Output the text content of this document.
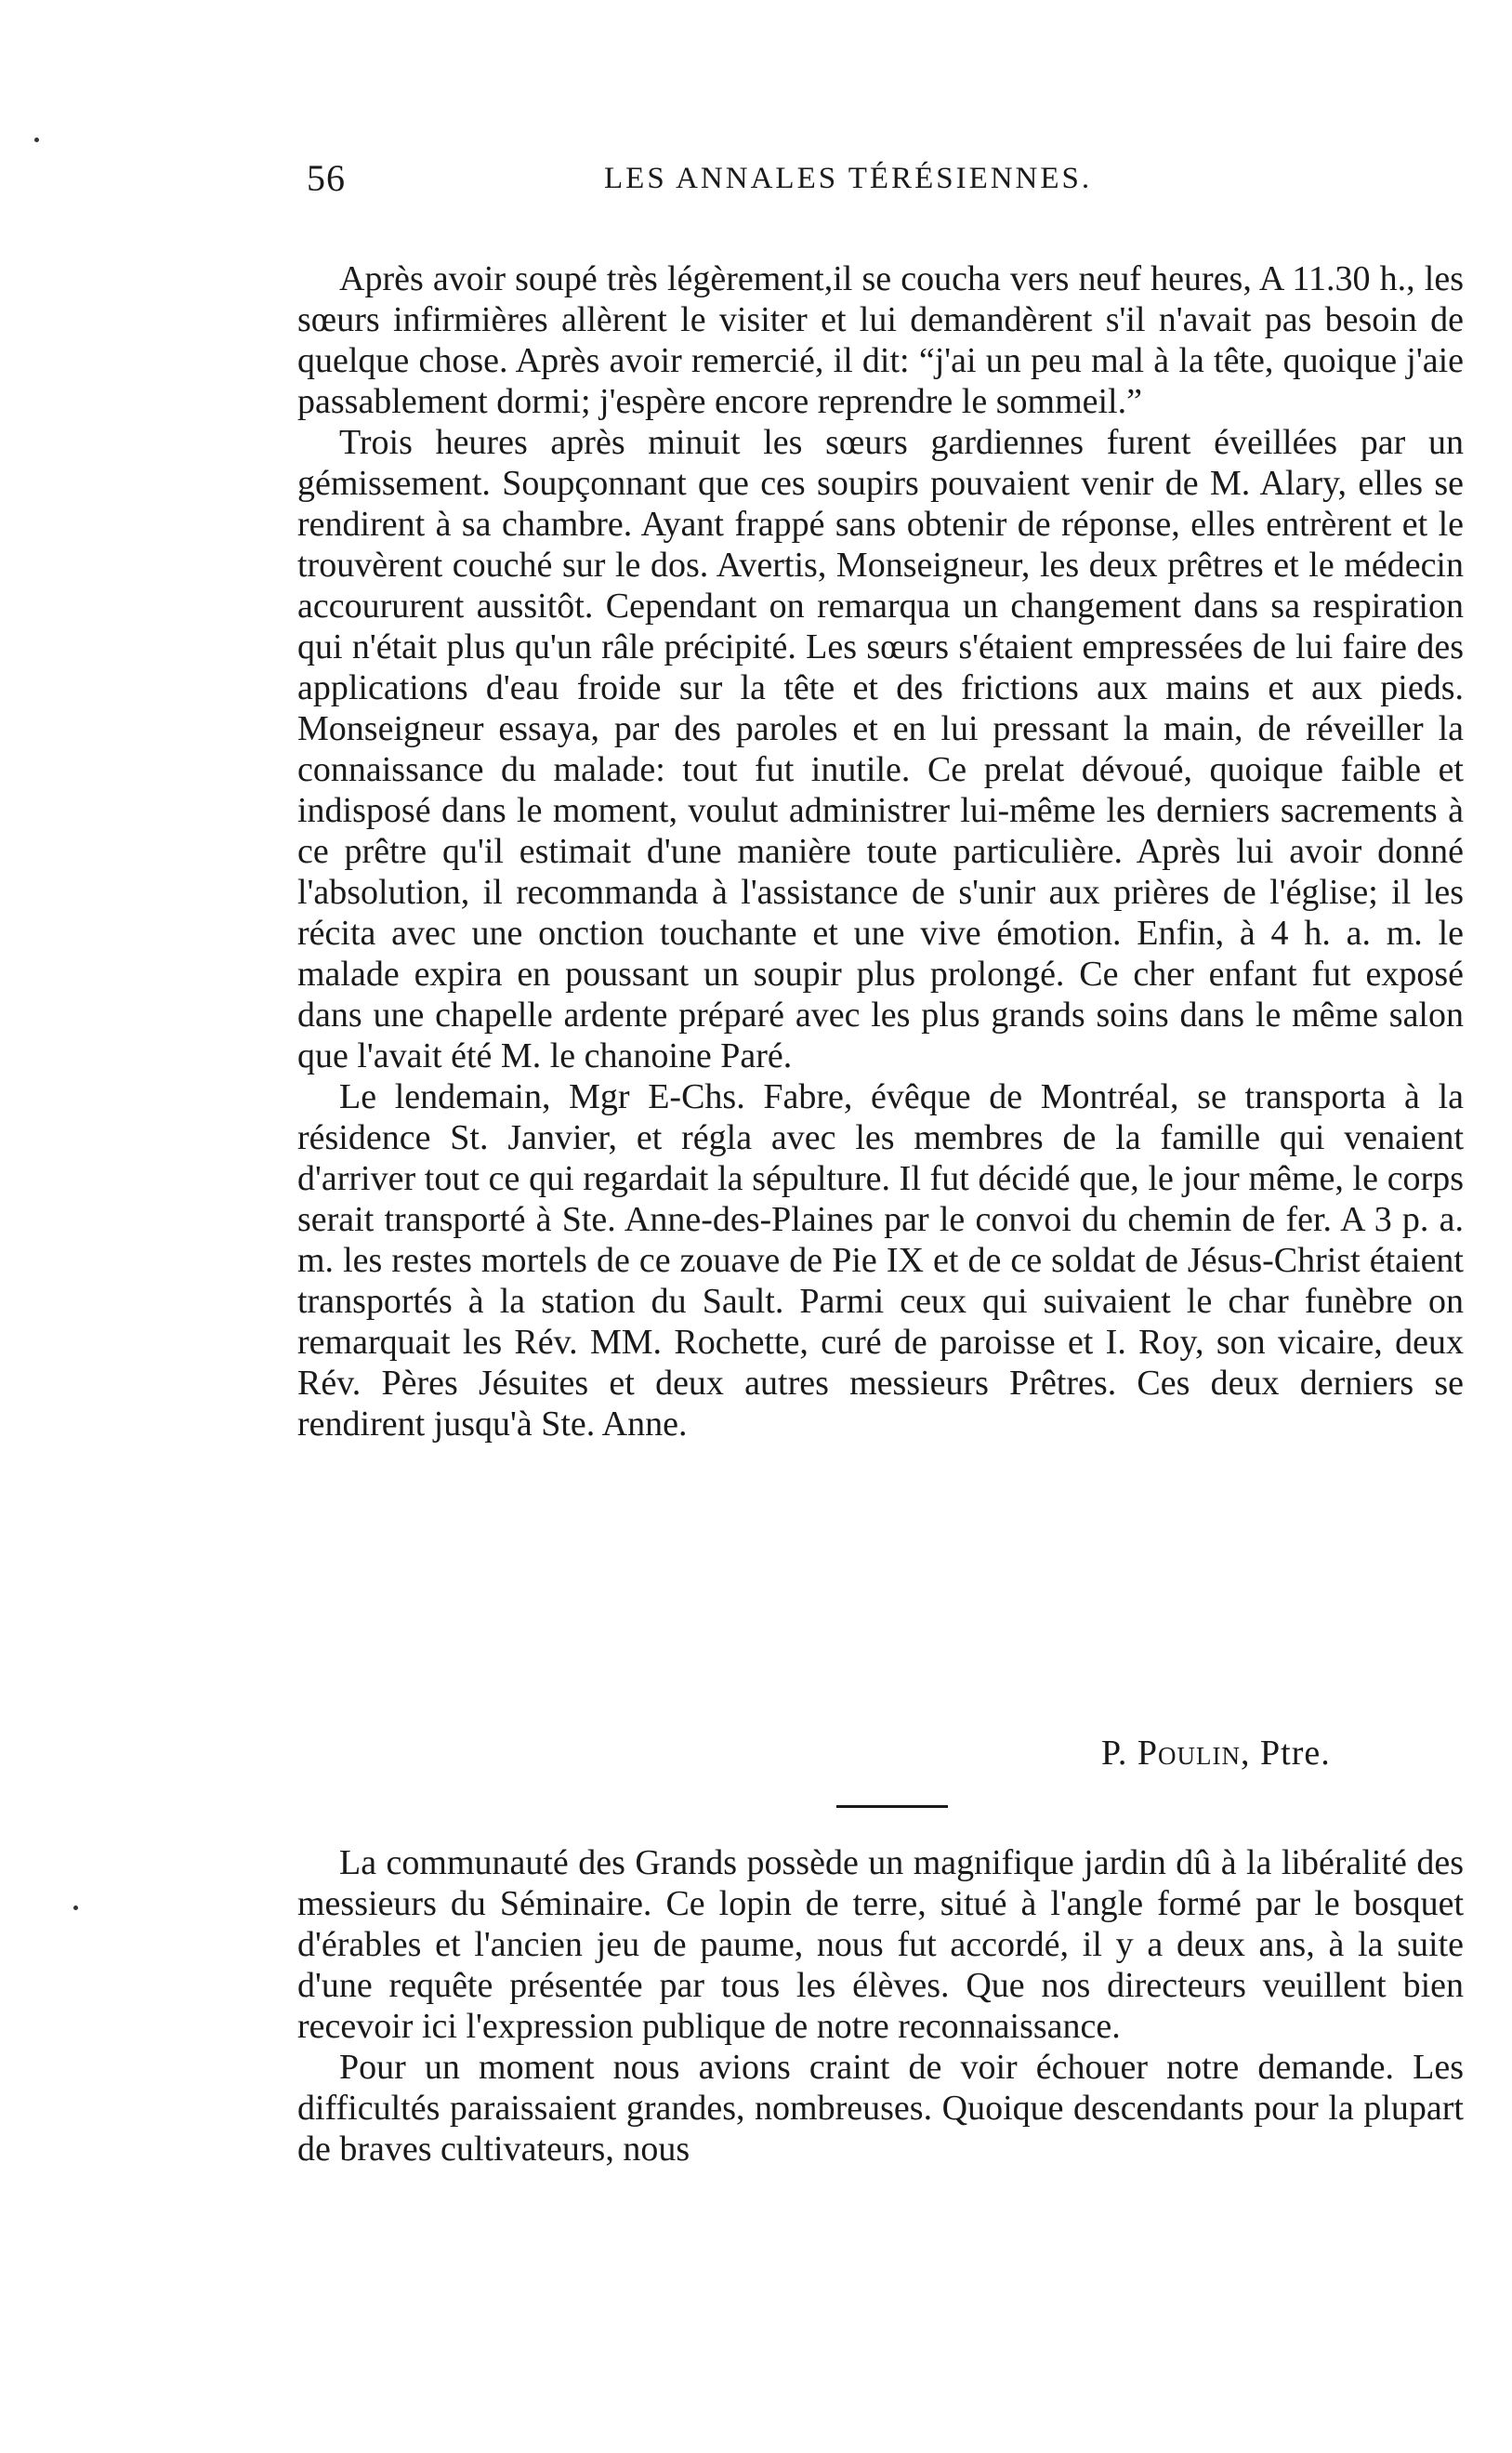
56	LES ANNALES TÉRÉSIENNES.

Après avoir soupé très légèrement,il se coucha vers neuf heures, A 11.30 h., les sœurs infirmières allèrent le visiter et lui demandèrent s'il n'avait pas besoin de quelque chose. Après avoir remercié, il dit: “j'ai un peu mal à la tête, quoique j'aie passablement dormi; j'espère encore reprendre le sommeil.”

Trois heures après minuit les sœurs gardiennes furent éveillées par un gémissement. Soupçonnant que ces soupirs pouvaient venir de M. Alary, elles se rendirent à sa chambre. Ayant frappé sans obtenir de réponse, elles entrèrent et le trouvèrent couché sur le dos. Avertis, Monseigneur, les deux prêtres et le médecin accoururent aussitôt. Cependant on remarqua un changement dans sa respiration qui n'était plus qu'un râle précipité. Les sœurs s'étaient empressées de lui faire des applications d'eau froide sur la tête et des frictions aux mains et aux pieds. Monseigneur essaya, par des paroles et en lui pressant la main, de réveiller la connaissance du malade: tout fut inutile. Ce prelat dévoué, quoique faible et indisposé dans le moment, voulut administrer lui-même les derniers sacrements à ce prêtre qu'il estimait d'une manière toute particulière. Après lui avoir donné l'absolution, il recommanda à l'assistance de s'unir aux prières de l'église; il les récita avec une onction touchante et une vive émotion. Enfin, à 4 h. a. m. le malade expira en poussant un soupir plus prolongé. Ce cher enfant fut exposé dans une chapelle ardente préparé avec les plus grands soins dans le même salon que l'avait été M. le chanoine Paré.

Le lendemain, Mgr E-Chs. Fabre, évêque de Montréal, se transporta à la résidence St. Janvier, et régla avec les membres de la famille qui venaient d'arriver tout ce qui regardait la sépulture. Il fut décidé que, le jour même, le corps serait transporté à Ste. Anne-des-Plaines par le convoi du chemin de fer. A 3 p. a. m. les restes mortels de ce zouave de Pie IX et de ce soldat de Jésus-Christ étaient transportés à la station du Sault. Parmi ceux qui suivaient le char funèbre on remarquait les Rév. MM. Rochette, curé de paroisse et I. Roy, son vicaire, deux Rév. Pères Jésuites et deux autres messieurs Prêtres. Ces deux derniers se rendirent jusqu'à Ste. Anne.

P. Poulin, Ptre.

La communauté des Grands possède un magnifique jardin dû à la libéralité des messieurs du Séminaire. Ce lopin de terre, situé à l'angle formé par le bosquet d'érables et l'ancien jeu de paume, nous fut accordé, il y a deux ans, à la suite d'une requête présentée par tous les élèves. Que nos directeurs veuillent bien recevoir ici l'expression publique de notre reconnaissance.

Pour un moment nous avions craint de voir échouer notre demande. Les difficultés paraissaient grandes, nombreuses. Quoique descendants pour la plupart de braves cultivateurs, nous
